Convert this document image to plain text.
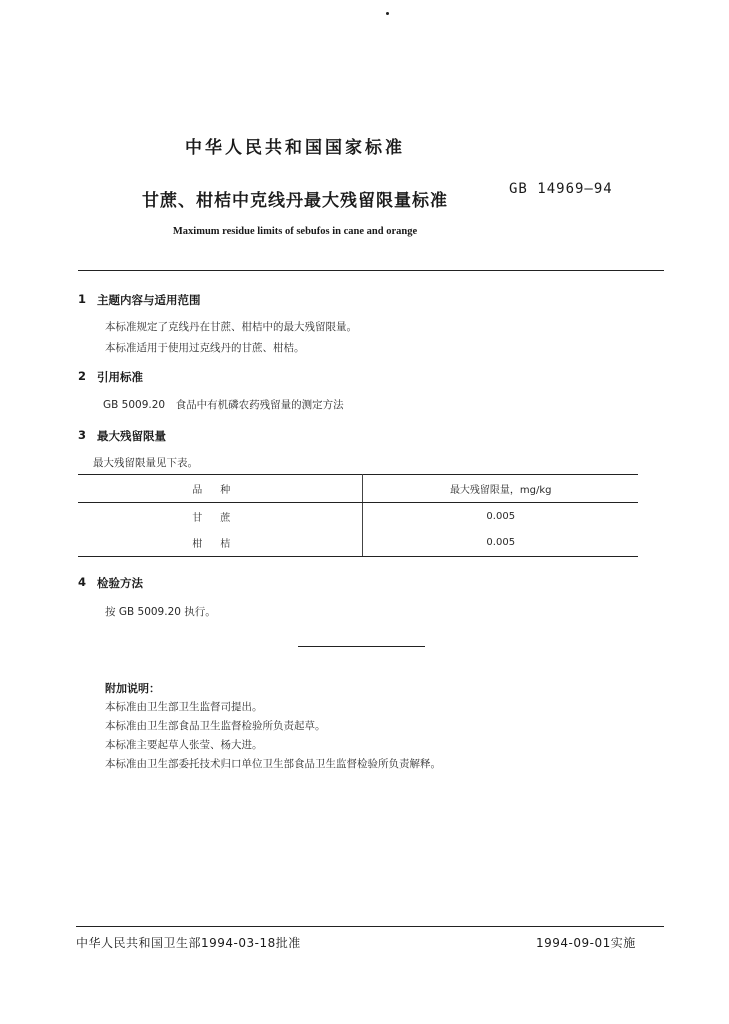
中华人民共和国国家标准
甘蔗、柑桔中克线丹最大残留限量标准
GB 14969—94
Maximum residue limits of sebufos in cane and orange
1 主题内容与适用范围
本标准规定了克线丹在甘蔗、柑桔中的最大残留限量。
本标准适用于使用过克线丹的甘蔗、柑桔。
2 引用标准
GB 5009.20　食品中有机磷农药残留量的测定方法
3 最大残留限量
最大残留限量见下表。
品种	最大残留限量，mg/kg
甘蔗	0.005
柑桔	0.005
4 检验方法
按 GB 5009.20 执行。
附加说明：
本标准由卫生部卫生监督司提出。
本标准由卫生部食品卫生监督检验所负责起草。
本标准主要起草人张莹、杨大进。
本标准由卫生部委托技术归口单位卫生部食品卫生监督检验所负责解释。
中华人民共和国卫生部1994-03-18批准	1994-09-01实施
